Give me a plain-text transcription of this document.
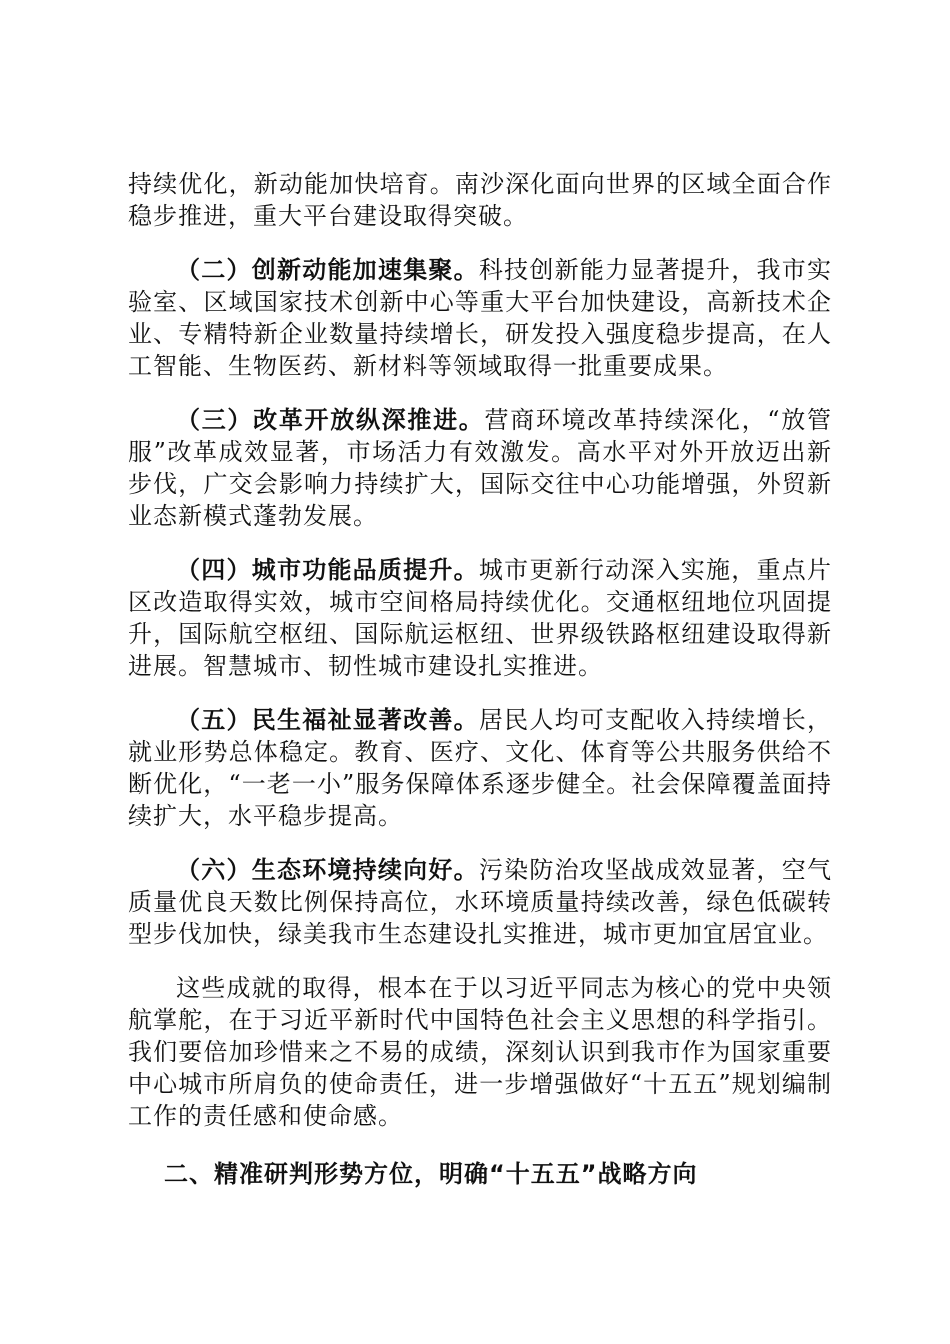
持续优化，新动能加快培育。南沙深化面向世界的区域全面合作稳步推进，重大平台建设取得突破。

（二）创新动能加速集聚。科技创新能力显著提升，我市实验室、区域国家技术创新中心等重大平台加快建设，高新技术企业、专精特新企业数量持续增长，研发投入强度稳步提高，在人工智能、生物医药、新材料等领域取得一批重要成果。

（三）改革开放纵深推进。营商环境改革持续深化，“放管服”改革成效显著，市场活力有效激发。高水平对外开放迈出新步伐，广交会影响力持续扩大，国际交往中心功能增强，外贸新业态新模式蓬勃发展。

（四）城市功能品质提升。城市更新行动深入实施，重点片区改造取得实效，城市空间格局持续优化。交通枢纽地位巩固提升，国际航空枢纽、国际航运枢纽、世界级铁路枢纽建设取得新进展。智慧城市、韧性城市建设扎实推进。

（五）民生福祉显著改善。居民人均可支配收入持续增长，就业形势总体稳定。教育、医疗、文化、体育等公共服务供给不断优化，“一老一小”服务保障体系逐步健全。社会保障覆盖面持续扩大，水平稳步提高。

（六）生态环境持续向好。污染防治攻坚战成效显著，空气质量优良天数比例保持高位，水环境质量持续改善，绿色低碳转型步伐加快，绿美我市生态建设扎实推进，城市更加宜居宜业。

这些成就的取得，根本在于以习近平同志为核心的党中央领航掌舵，在于习近平新时代中国特色社会主义思想的科学指引。我们要倍加珍惜来之不易的成绩，深刻认识到我市作为国家重要中心城市所肩负的使命责任，进一步增强做好“十五五”规划编制工作的责任感和使命感。

二、精准研判形势方位，明确“十五五”战略方向
